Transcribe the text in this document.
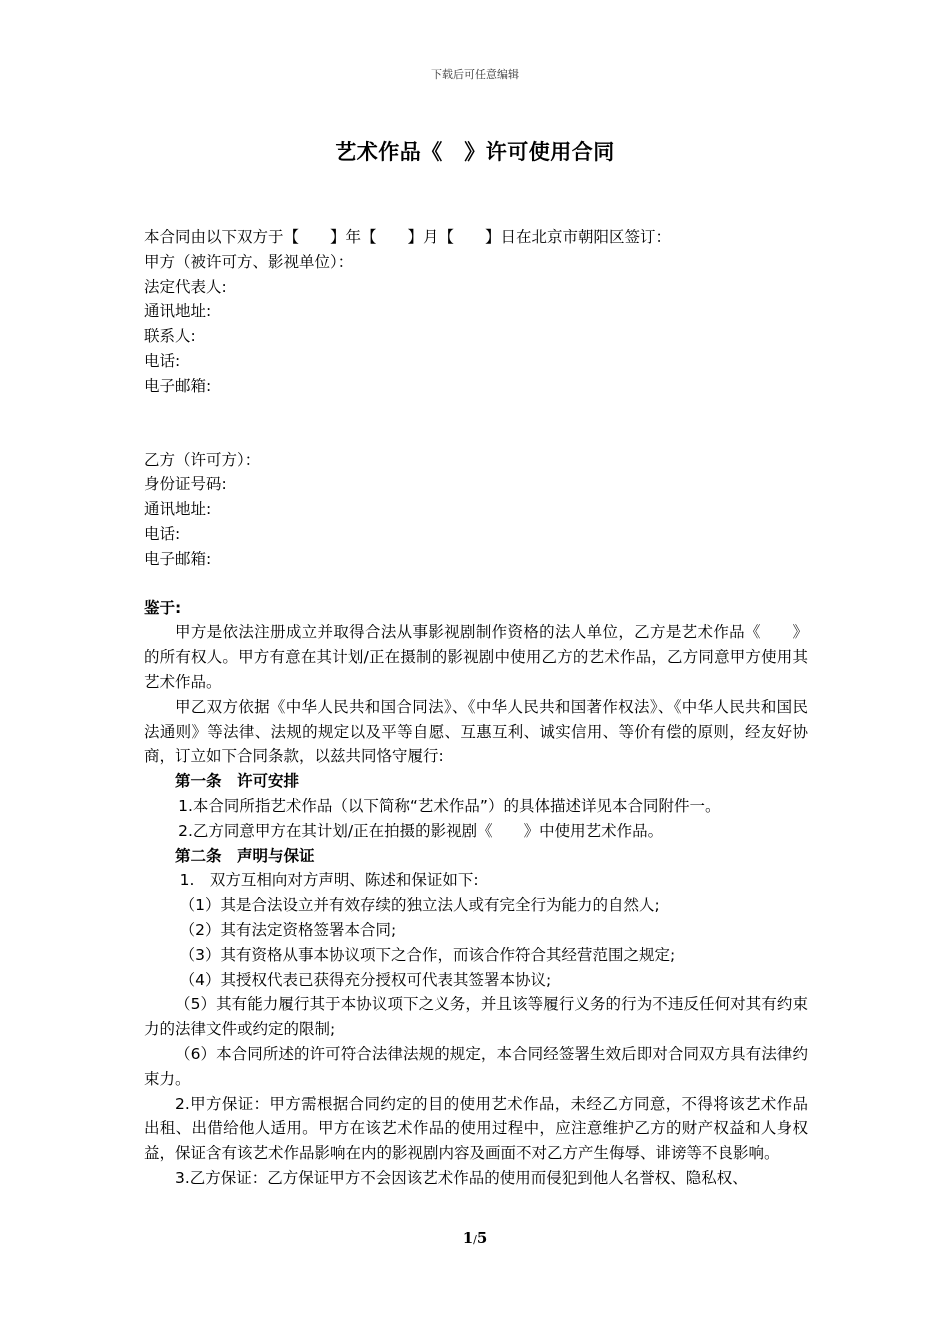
下载后可任意编辑
艺术作品《　》许可使用合同
本合同由以下双方于【　　】年【　　】月【　　】日在北京市朝阳区签订：
甲方（被许可方、影视单位）：
法定代表人:
通讯地址:
联系人:
电话:
电子邮箱:
乙方（许可方）：
身份证号码:
通讯地址:
电话:
电子邮箱:
鉴于:
甲方是依法注册成立并取得合法从事影视剧制作资格的法人单位，乙方是艺术作品《　　》的所有权人。甲方有意在其计划/正在摄制的影视剧中使用乙方的艺术作品，乙方同意甲方使用其艺术作品。
甲乙双方依据《中华人民共和国合同法》、《中华人民共和国著作权法》、《中华人民共和国民法通则》等法律、法规的规定以及平等自愿、互惠互利、诚实信用、等价有偿的原则，经友好协商，订立如下合同条款，以兹共同恪守履行:
第一条　许可安排
1.本合同所指艺术作品（以下简称“艺术作品”）的具体描述详见本合同附件一。
2.乙方同意甲方在其计划/正在拍摄的影视剧《　　》中使用艺术作品。
第二条　声明与保证
1.　双方互相向对方声明、陈述和保证如下:
（1）其是合法设立并有效存续的独立法人或有完全行为能力的自然人;
（2）其有法定资格签署本合同;
（3）其有资格从事本协议项下之合作，而该合作符合其经营范围之规定;
（4）其授权代表已获得充分授权可代表其签署本协议;
（5）其有能力履行其于本协议项下之义务，并且该等履行义务的行为不违反任何对其有约束力的法律文件或约定的限制;
（6）本合同所述的许可符合法律法规的规定，本合同经签署生效后即对合同双方具有法律约束力。
2.甲方保证：甲方需根据合同约定的目的使用艺术作品，未经乙方同意，不得将该艺术作品出租、出借给他人适用。甲方在该艺术作品的使用过程中，应注意维护乙方的财产权益和人身权益，保证含有该艺术作品影响在内的影视剧内容及画面不对乙方产生侮辱、诽谤等不良影响。
3.乙方保证：乙方保证甲方不会因该艺术作品的使用而侵犯到他人名誉权、隐私权、
1/5
